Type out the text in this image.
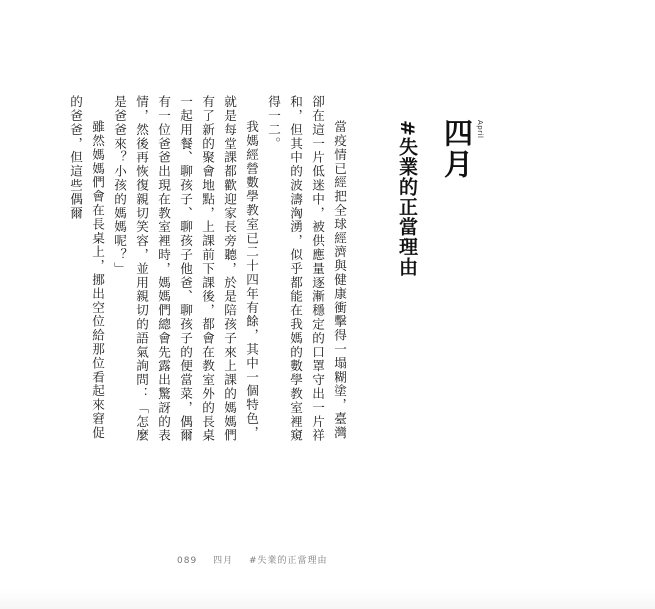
April
四月
#失業的正當理由

當疫情已經把全球經濟與健康衝擊得一塌糊塗，臺灣卻在這一片低迷中，被供應量逐漸穩定的口罩守出一片祥和，但其中的波濤洶湧，似乎都能在我媽的數學教室裡窺得一二。

我媽經營數學教室已二十四年有餘，其中一個特色，就是每堂課都歡迎家長旁聽，於是陪孩子來上課的媽媽們有了新的聚會地點，上課前下課後，都會在教室外的長桌一起用餐、聊孩子、聊孩子他爸、聊孩子的便當菜，偶爾有一位爸爸出現在教室裡時，媽媽們總會先露出驚訝的表情，然後再恢復親切笑容，並用親切的語氣詢問：「怎麼是爸爸來？小孩的媽媽呢？」

雖然媽媽們會在長桌上，挪出空位給那位看起來窘促的爸爸，但這些偶爾

089 四月 #失業的正當理由
